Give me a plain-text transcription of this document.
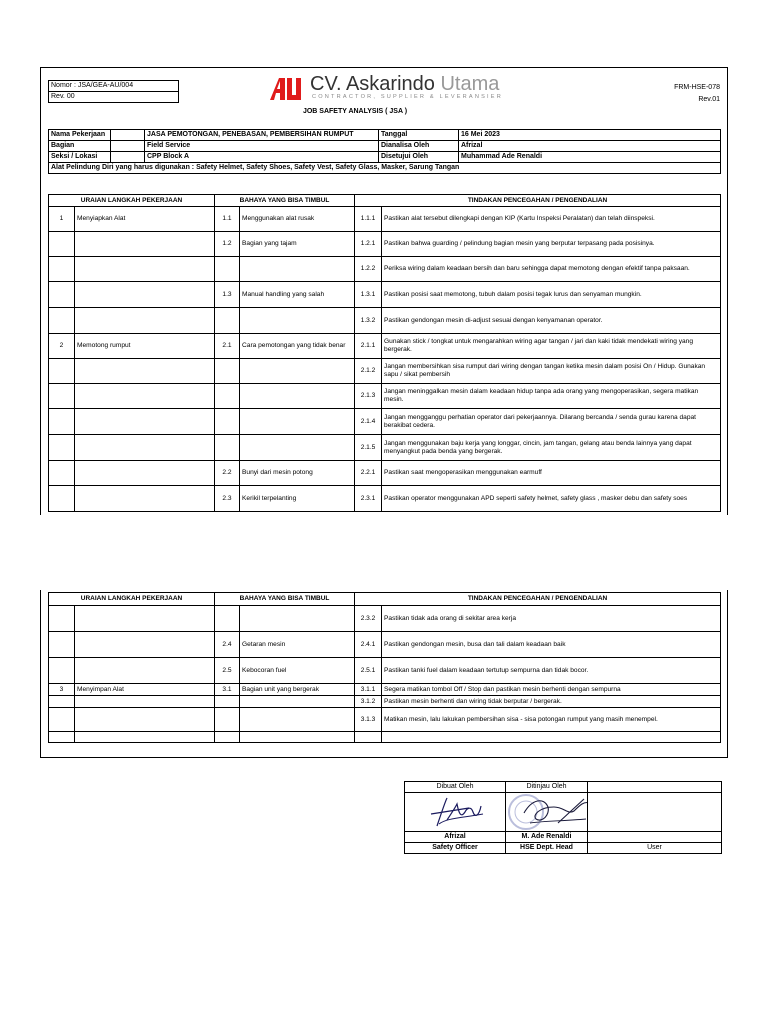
Nomor : JSA/GEA-AU/004
Rev. 00
CV. Askarindo Utama
CONTRACTOR, SUPPLIER & LEVERANSIER
JOB SAFETY ANALYSIS ( JSA )
FRM-HSE-078
Rev.01
Nama Pekerjaan		JASA PEMOTONGAN, PENEBASAN, PEMBERSIHAN RUMPUT	Tanggal	16 Mei 2023
Bagian		Field Service	Dianalisa Oleh	Afrizal
Seksi / Lokasi		CPP Block A	Disetujui Oleh	Muhammad Ade Renaldi
Alat Pelindung Diri yang harus digunakan : Safety Helmet, Safety Shoes, Safety Vest, Safety Glass, Masker, Sarung Tangan				
URAIAN LANGKAH PEKERJAAN		BAHAYA YANG BISA TIMBUL		TINDAKAN PENCEGAHAN / PENGENDALIAN	
1	Menyiapkan Alat	1.1	Menggunakan alat rusak	1.1.1	Pastikan alat tersebut dilengkapi dengan KIP (Kartu Inspeksi Peralatan) dan telah diinspeksi.
		1.2	Bagian yang tajam	1.2.1	Pastikan bahwa guarding / pelindung bagian mesin yang berputar terpasang pada posisinya.
				1.2.2	Periksa wiring dalam keadaan bersih dan baru sehingga dapat memotong dengan efektif tanpa paksaan.
		1.3	Manual handling yang salah	1.3.1	Pastikan posisi saat memotong, tubuh dalam posisi tegak lurus dan senyaman mungkin.
				1.3.2	Pastikan gendongan mesin di-adjust sesuai dengan kenyamanan operator.
2	Memotong rumput	2.1	Cara pemotongan yang tidak benar	2.1.1	Gunakan stick / tongkat untuk mengarahkan wiring agar tangan / jari dan kaki tidak mendekati wiring yang bergerak.
				2.1.2	Jangan membersihkan sisa rumput dari wiring dengan tangan ketika mesin dalam posisi On / Hidup. Gunakan sapu / sikat pembersih
				2.1.3	Jangan meninggalkan mesin dalam keadaan hidup tanpa ada orang yang mengoperasikan, segera matikan mesin.
				2.1.4	Jangan mengganggu perhatian operator dari pekerjaannya. Dilarang bercanda / senda gurau karena dapat berakibat cedera.
				2.1.5	Jangan menggunakan baju kerja yang longgar, cincin, jam tangan, gelang atau benda lainnya yang dapat menyangkut pada benda yang bergerak.
		2.2	Bunyi dari mesin potong	2.2.1	Pastikan saat mengoperasikan menggunakan earmuff
		2.3	Kerikil terpelanting	2.3.1	Pastikan operator menggunakan APD seperti safety helmet, safety glass , masker debu dan safety soes
URAIAN LANGKAH PEKERJAAN		BAHAYA YANG BISA TIMBUL		TINDAKAN PENCEGAHAN / PENGENDALIAN	
				2.3.2	Pastikan tidak ada orang di sekitar area kerja
		2.4	Getaran mesin	2.4.1	Pastikan gendongan mesin, busa dan tali dalam keadaan baik
		2.5	Kebocoran fuel	2.5.1	Pastikan tanki fuel dalam keadaan tertutup sempurna dan tidak bocor.
3	Menyimpan Alat	3.1	Bagian unit yang bergerak	3.1.1	Segera matikan tombol Off / Stop dan pastikan mesin berhenti dengan sempurna
				3.1.2	Pastikan mesin berhenti dan wiring tidak berputar / bergerak.
				3.1.3	Matikan mesin, lalu lakukan pembersihan sisa - sisa potongan rumput yang masih menempel.

Dibuat Oleh	Ditinjau Oleh	

Afrizal	M. Ade Renaldi	
Safety Officer	HSE Dept. Head	User
